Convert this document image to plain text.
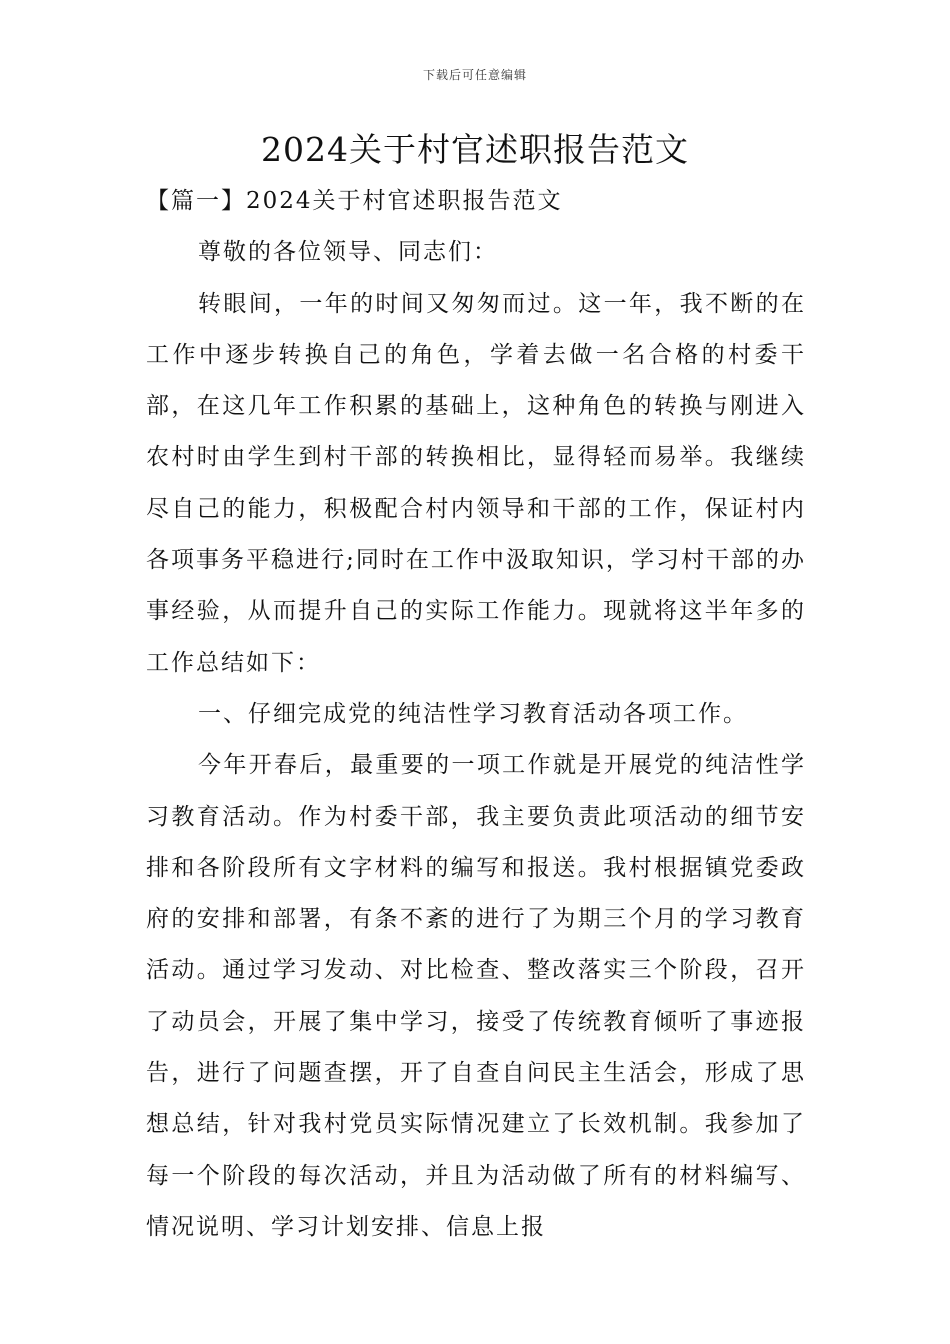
下载后可任意编辑
2024关于村官述职报告范文

【篇一】2024关于村官述职报告范文

尊敬的各位领导、同志们：

转眼间，一年的时间又匆匆而过。这一年，我不断的在工作中逐步转换自己的角色，学着去做一名合格的村委干部，在这几年工作积累的基础上，这种角色的转换与刚进入农村时由学生到村干部的转换相比，显得轻而易举。我继续尽自己的能力，积极配合村内领导和干部的工作，保证村内各项事务平稳进行;同时在工作中汲取知识，学习村干部的办事经验，从而提升自己的实际工作能力。现就将这半年多的工作总结如下：

一、仔细完成党的纯洁性学习教育活动各项工作。

今年开春后，最重要的一项工作就是开展党的纯洁性学习教育活动。作为村委干部，我主要负责此项活动的细节安排和各阶段所有文字材料的编写和报送。我村根据镇党委政府的安排和部署，有条不紊的进行了为期三个月的学习教育活动。通过学习发动、对比检查、整改落实三个阶段，召开了动员会，开展了集中学习，接受了传统教育倾听了事迹报告，进行了问题查摆，开了自查自问民主生活会，形成了思想总结，针对我村党员实际情况建立了长效机制。我参加了每一个阶段的每次活动，并且为活动做了所有的材料编写、情况说明、学习计划安排、信息上报
